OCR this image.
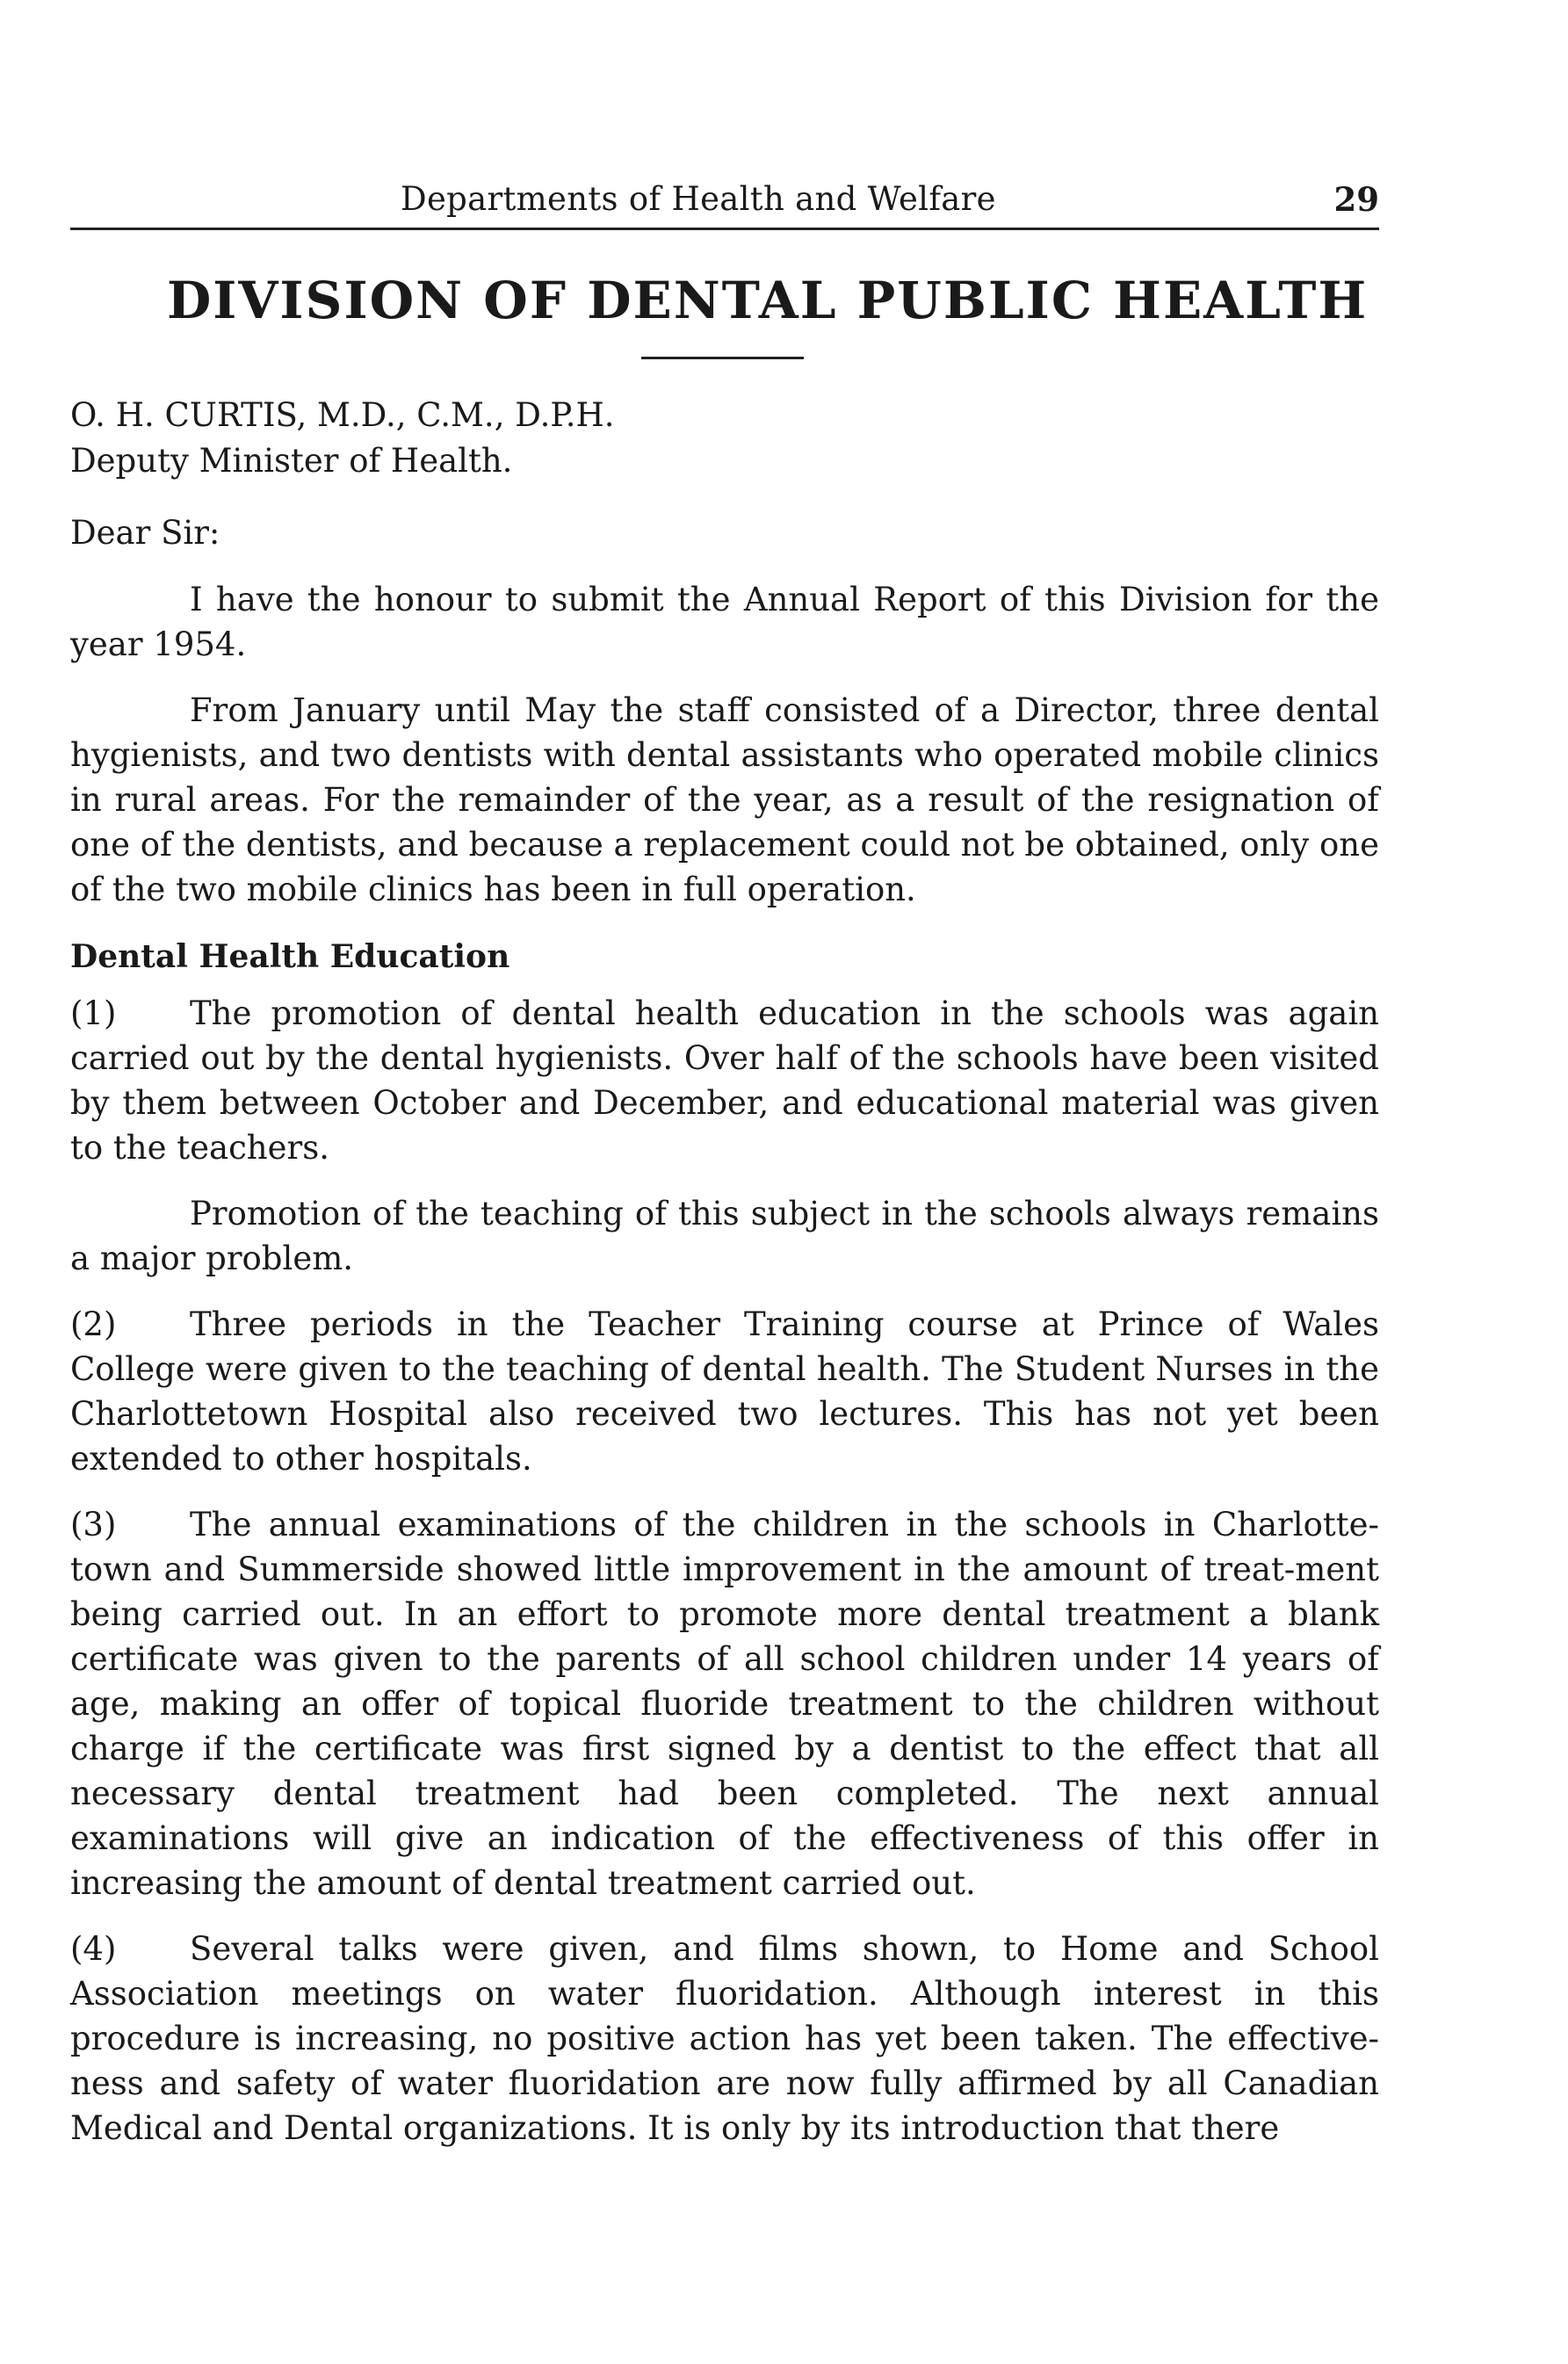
Departments of Health and Welfare	29
DIVISION OF DENTAL PUBLIC HEALTH
O. H. CURTIS, M.D., C.M., D.P.H.
Deputy Minister of Health.
Dear Sir:

I have the honour to submit the Annual Report of this Division for the year 1954.

From January until May the staff consisted of a Director, three dental hygienists, and two dentists with dental assistants who operated mobile clinics in rural areas. For the remainder of the year, as a result of the resignation of one of the dentists, and because a replacement could not be obtained, only one of the two mobile clinics has been in full operation.

Dental Health Education

(1) The promotion of dental health education in the schools was again carried out by the dental hygienists. Over half of the schools have been visited by them between October and December, and educational material was given to the teachers.

Promotion of the teaching of this subject in the schools always remains a major problem.

(2) Three periods in the Teacher Training course at Prince of Wales College were given to the teaching of dental health. The Student Nurses in the Charlottetown Hospital also received two lectures. This has not yet been extended to other hospitals.

(3) The annual examinations of the children in the schools in Charlotte-town and Summerside showed little improvement in the amount of treat-ment being carried out. In an effort to promote more dental treatment a blank certificate was given to the parents of all school children under 14 years of age, making an offer of topical fluoride treatment to the children without charge if the certificate was first signed by a dentist to the effect that all necessary dental treatment had been completed. The next annual examinations will give an indication of the effectiveness of this offer in increasing the amount of dental treatment carried out.

(4) Several talks were given, and films shown, to Home and School Association meetings on water fluoridation. Although interest in this procedure is increasing, no positive action has yet been taken. The effective-ness and safety of water fluoridation are now fully affirmed by all Canadian Medical and Dental organizations. It is only by its introduction that there
